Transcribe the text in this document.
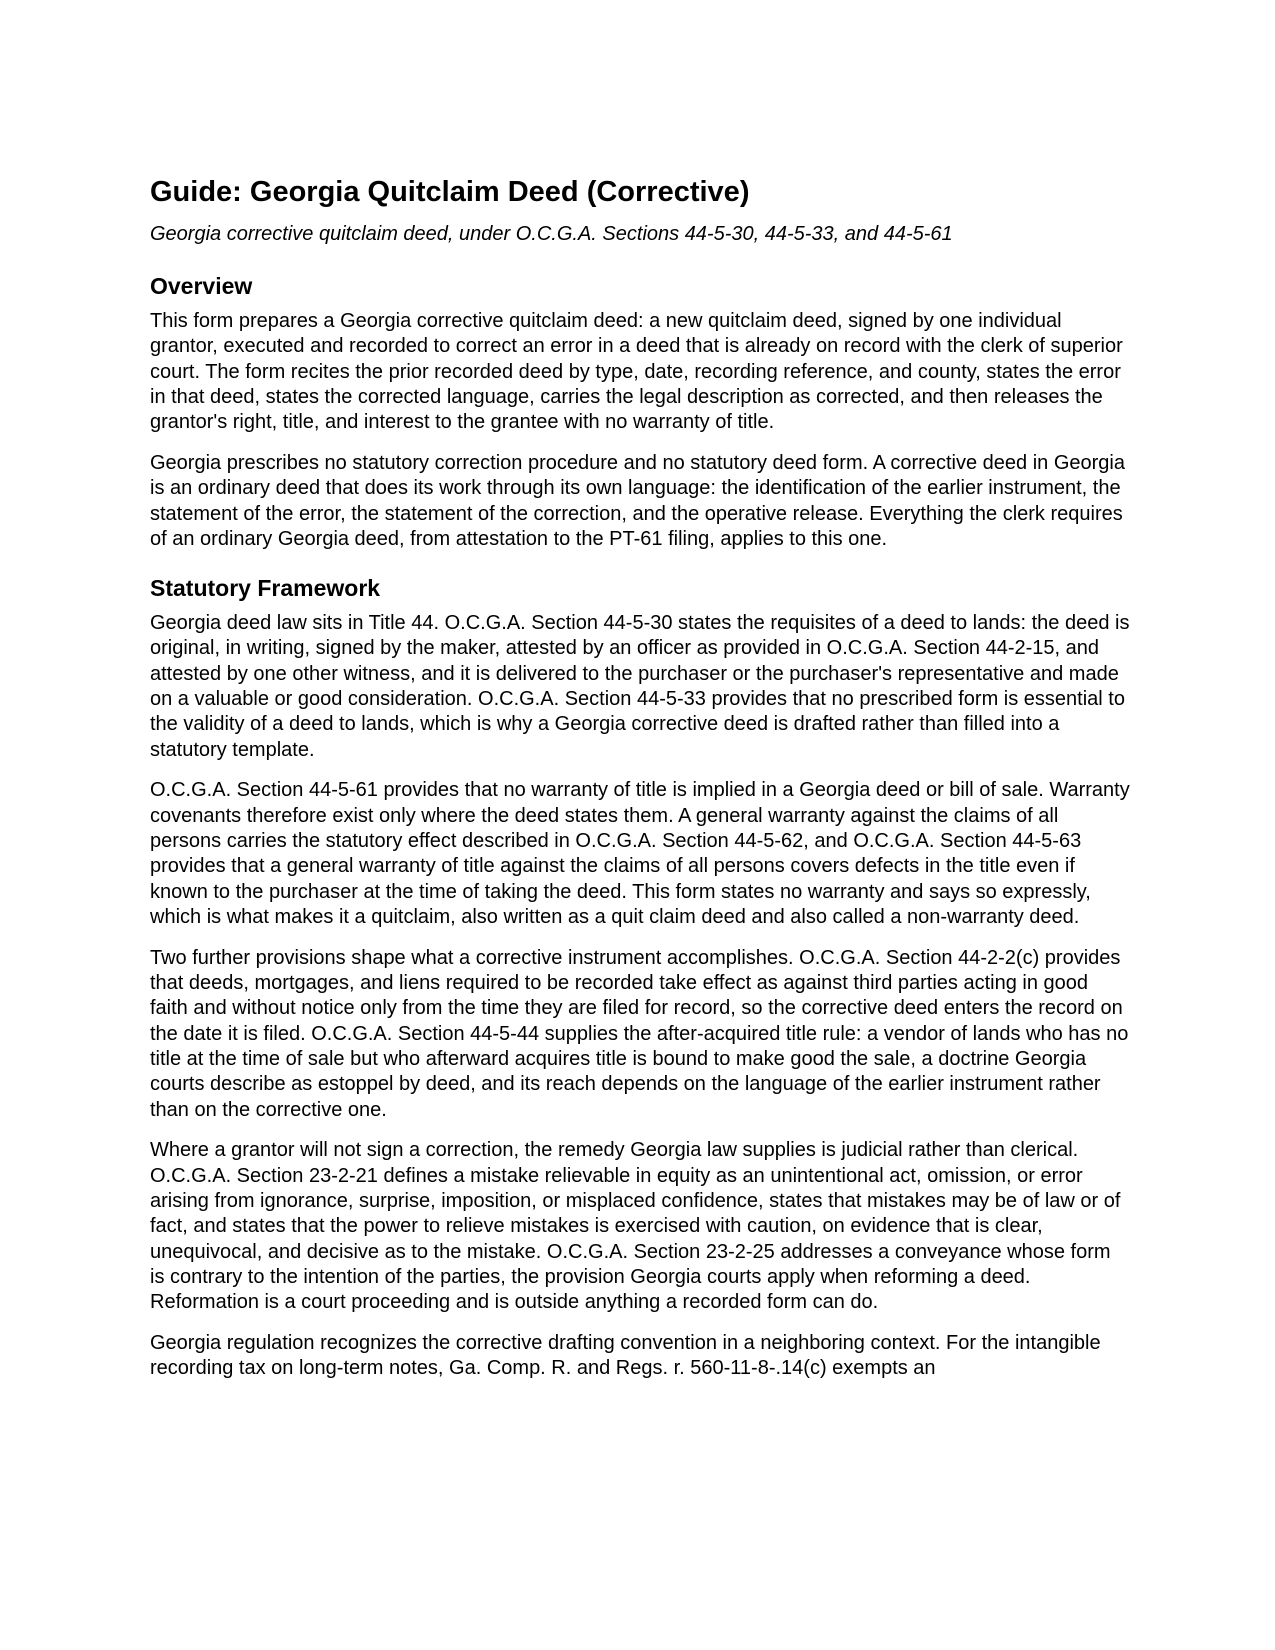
Guide: Georgia Quitclaim Deed (Corrective)
Georgia corrective quitclaim deed, under O.C.G.A. Sections 44-5-30, 44-5-33, and 44-5-61
Overview

This form prepares a Georgia corrective quitclaim deed: a new quitclaim deed, signed by one individual grantor, executed and recorded to correct an error in a deed that is already on record with the clerk of superior court. The form recites the prior recorded deed by type, date, recording reference, and county, states the error in that deed, states the corrected language, carries the legal description as corrected, and then releases the grantor's right, title, and interest to the grantee with no warranty of title.

Georgia prescribes no statutory correction procedure and no statutory deed form. A corrective deed in Georgia is an ordinary deed that does its work through its own language: the identification of the earlier instrument, the statement of the error, the statement of the correction, and the operative release. Everything the clerk requires of an ordinary Georgia deed, from attestation to the PT-61 filing, applies to this one.

Statutory Framework

Georgia deed law sits in Title 44. O.C.G.A. Section 44-5-30 states the requisites of a deed to lands: the deed is original, in writing, signed by the maker, attested by an officer as provided in O.C.G.A. Section 44-2-15, and attested by one other witness, and it is delivered to the purchaser or the purchaser's representative and made on a valuable or good consideration. O.C.G.A. Section 44-5-33 provides that no prescribed form is essential to the validity of a deed to lands, which is why a Georgia corrective deed is drafted rather than filled into a statutory template.

O.C.G.A. Section 44-5-61 provides that no warranty of title is implied in a Georgia deed or bill of sale. Warranty covenants therefore exist only where the deed states them. A general warranty against the claims of all persons carries the statutory effect described in O.C.G.A. Section 44-5-62, and O.C.G.A. Section 44-5-63 provides that a general warranty of title against the claims of all persons covers defects in the title even if known to the purchaser at the time of taking the deed. This form states no warranty and says so expressly, which is what makes it a quitclaim, also written as a quit claim deed and also called a non-warranty deed.

Two further provisions shape what a corrective instrument accomplishes. O.C.G.A. Section 44-2-2(c) provides that deeds, mortgages, and liens required to be recorded take effect as against third parties acting in good faith and without notice only from the time they are filed for record, so the corrective deed enters the record on the date it is filed. O.C.G.A. Section 44-5-44 supplies the after-acquired title rule: a vendor of lands who has no title at the time of sale but who afterward acquires title is bound to make good the sale, a doctrine Georgia courts describe as estoppel by deed, and its reach depends on the language of the earlier instrument rather than on the corrective one.

Where a grantor will not sign a correction, the remedy Georgia law supplies is judicial rather than clerical. O.C.G.A. Section 23-2-21 defines a mistake relievable in equity as an unintentional act, omission, or error arising from ignorance, surprise, imposition, or misplaced confidence, states that mistakes may be of law or of fact, and states that the power to relieve mistakes is exercised with caution, on evidence that is clear, unequivocal, and decisive as to the mistake. O.C.G.A. Section 23-2-25 addresses a conveyance whose form is contrary to the intention of the parties, the provision Georgia courts apply when reforming a deed. Reformation is a court proceeding and is outside anything a recorded form can do.

Georgia regulation recognizes the corrective drafting convention in a neighboring context. For the intangible recording tax on long-term notes, Ga. Comp. R. and Regs. r. 560-11-8-.14(c) exempts an
